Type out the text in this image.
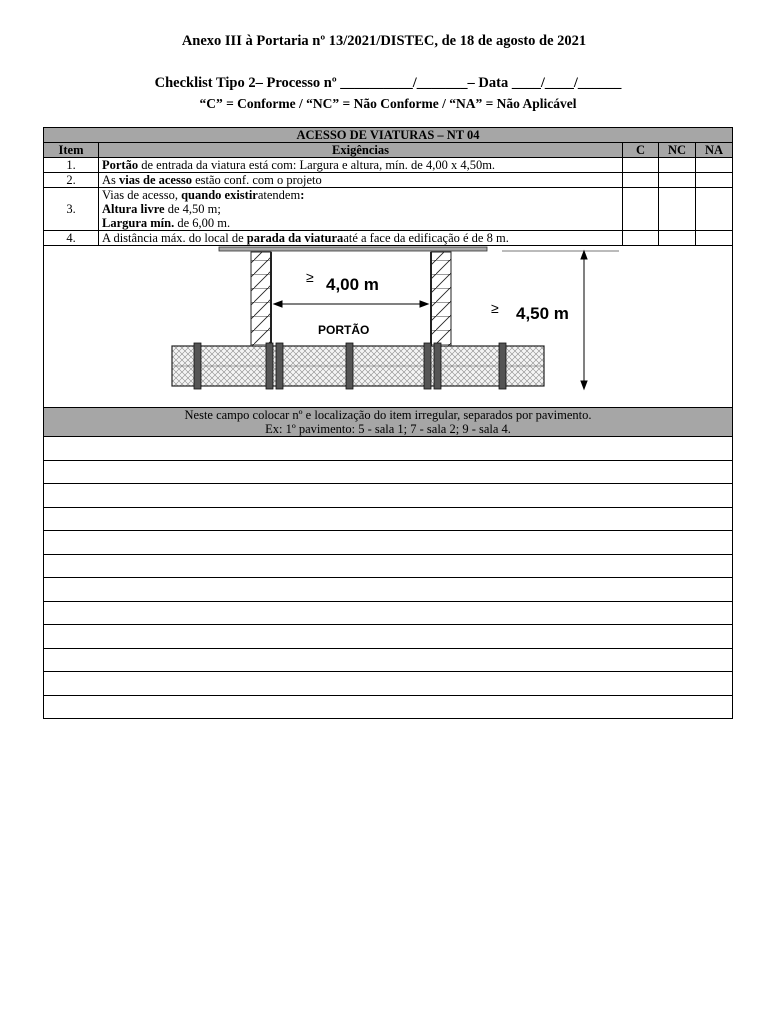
Anexo III à Portaria nº 13/2021/DISTEC, de 18 de agosto de 2021
Checklist Tipo 2– Processo nº __________/_______– Data ____/____/______
“C” = Conforme / “NC” = Não Conforme / “NA” = Não Aplicável
ACESSO DE VIATURAS – NT 04				
Item	Exigências	C	NC	NA
1.	Portão de entrada da viatura está com: Largura e altura, mín. de 4,00 x 4,50m.			
2.	As vias de acesso estão conf. com o projeto			
3.	Vias de acesso, quando existiratendem:
Altura livre de 4,50 m;
Largura mín. de 6,00 m.			

4.	A distância máx. do local de parada da viaturaaté a face da edificação é de 8 m.			

≥ 4,00 m
PORTÃO
≥ 4,50 m				

Neste campo colocar nº e localização do item irregular, separados por pavimento.
Ex: 1º pavimento: 5 - sala 1; 7 - sala 2; 9 - sala 4.				
